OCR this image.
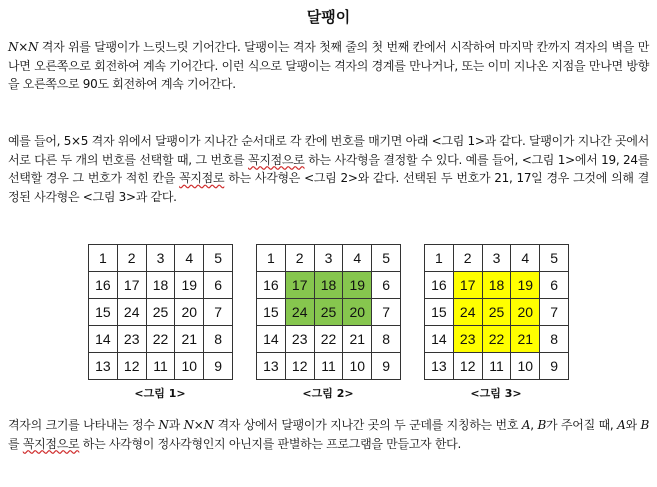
달팽이
N×N 격자 위를 달팽이가 느릿느릿 기어간다. 달팽이는 격자 첫째 줄의 첫 번째 칸에서 시작하여 마지막 칸까지 격자의 벽을 만나면 오른쪽으로 회전하여 계속 기어간다. 이런 식으로 달팽이는 격자의 경계를 만나거나, 또는 이미 지나온 지점을 만나면 방향을 오른쪽으로 90도 회전하여 계속 기어간다.
예를 들어, 5×5 격자 위에서 달팽이가 지나간 순서대로 각 칸에 번호를 매기면 아래 <그림 1>과 같다. 달팽이가 지나간 곳에서 서로 다른 두 개의 번호를 선택할 때, 그 번호를 꼭지점으로 하는 사각형을 결정할 수 있다. 예를 들어, <그림 1>에서 19, 24를 선택할 경우 그 번호가 적힌 칸을 꼭지점로 하는 사각형은 <그림 2>와 같다. 선택된 두 번호가 21, 17일 경우 그것에 의해 결정된 사각형은 <그림 3>과 같다.
1	2	3	4	5
16	17	18	19	6
15	24	25	20	7
14	23	22	21	8
13	12	11	10	9
1	2	3	4	5
16	17	18	19	6
15	24	25	20	7
14	23	22	21	8
13	12	11	10	9
1	2	3	4	5
16	17	18	19	6
15	24	25	20	7
14	23	22	21	8
13	12	11	10	9
<그림 1>	<그림 2>	<그림 3>
격자의 크기를 나타내는 정수 N과 N×N 격자 상에서 달팽이가 지나간 곳의 두 군데를 지칭하는 번호 A, B가 주어질 때, A와 B를 꼭지점으로 하는 사각형이 정사각형인지 아닌지를 판별하는 프로그램을 만들고자 한다.
